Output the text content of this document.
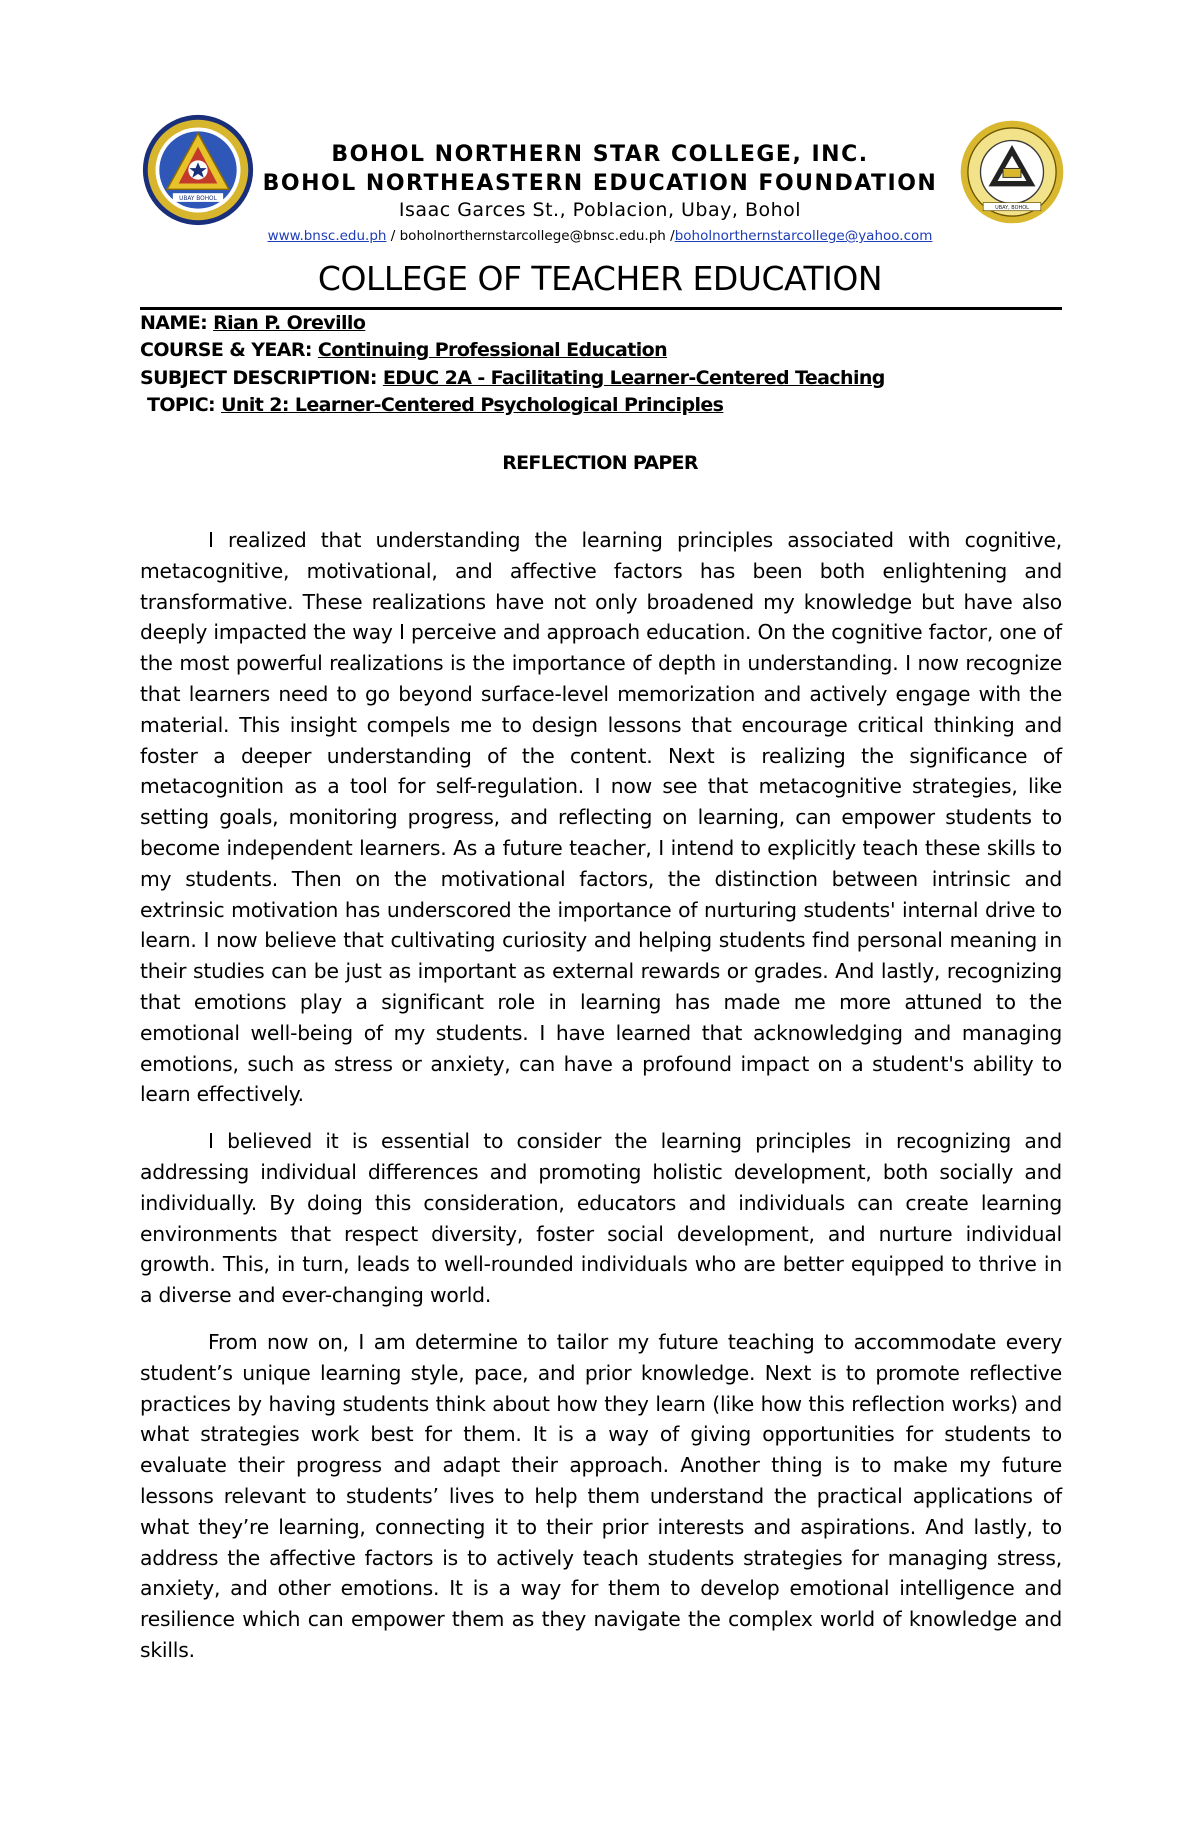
UBAY BOHOL
UBAY, BOHOL
BOHOL NORTHERN STAR COLLEGE, INC.
BOHOL NORTHEASTERN EDUCATION FOUNDATION
Isaac Garces St., Poblacion, Ubay, Bohol
www.bnsc.edu.ph / bohol​northernstarcollege@bnsc.edu.ph /bohol​northernstarcollege@yahoo.com
COLLEGE OF TEACHER EDUCATION
NAME: Rian P. Orevillo
COURSE & YEAR: Continuing Professional Education
SUBJECT DESCRIPTION: EDUC 2A - Facilitating Learner-Centered Teaching
TOPIC: Unit 2: Learner-Centered Psychological Principles
REFLECTION PAPER

I realized that understanding the learning principles associated with cognitive, metacognitive, motivational, and affective factors has been both enlightening and transformative. These realizations have not only broadened my knowledge but have also deeply impacted the way I perceive and approach education. On the cognitive factor, one of the most powerful realizations is the importance of depth in understanding. I now recognize that learners need to go beyond surface-level memorization and actively engage with the material. This insight compels me to design lessons that encourage critical thinking and foster a deeper understanding of the content. Next is realizing the significance of metacognition as a tool for self-regulation. I now see that metacognitive strategies, like setting goals, monitoring progress, and reflecting on learning, can empower students to become independent learners. As a future teacher, I intend to explicitly teach these skills to my students. Then on the motivational factors, the distinction between intrinsic and extrinsic motivation has underscored the importance of nurturing students' internal drive to learn. I now believe that cultivating curiosity and helping students find personal meaning in their studies can be just as important as external rewards or grades. And lastly, recognizing that emotions play a significant role in learning has made me more attuned to the emotional well-being of my students. I have learned that acknowledging and managing emotions, such as stress or anxiety, can have a profound impact on a student's ability to learn effectively.

I believed it is essential to consider the learning principles in recognizing and addressing individual differences and promoting holistic development, both socially and individually. By doing this consideration, educators and individuals can create learning environments that respect diversity, foster social development, and nurture individual growth. This, in turn, leads to well-rounded individuals who are better equipped to thrive in a diverse and ever-changing world.

From now on, I am determine to tailor my future teaching to accommodate every student’s unique learning style, pace, and prior knowledge. Next is to promote reflective practices by having students think about how they learn (like how this reflection works) and what strategies work best for them. It is a way of giving opportunities for students to evaluate their progress and adapt their approach. Another thing is to make my future lessons relevant to students’ lives to help them understand the practical applications of what they’re learning, connecting it to their prior interests and aspirations. And lastly, to address the affective factors is to actively teach students strategies for managing stress, anxiety, and other emotions. It is a way for them to develop emotional intelligence and resilience which can empower them as they navigate the complex world of knowledge and skills.
